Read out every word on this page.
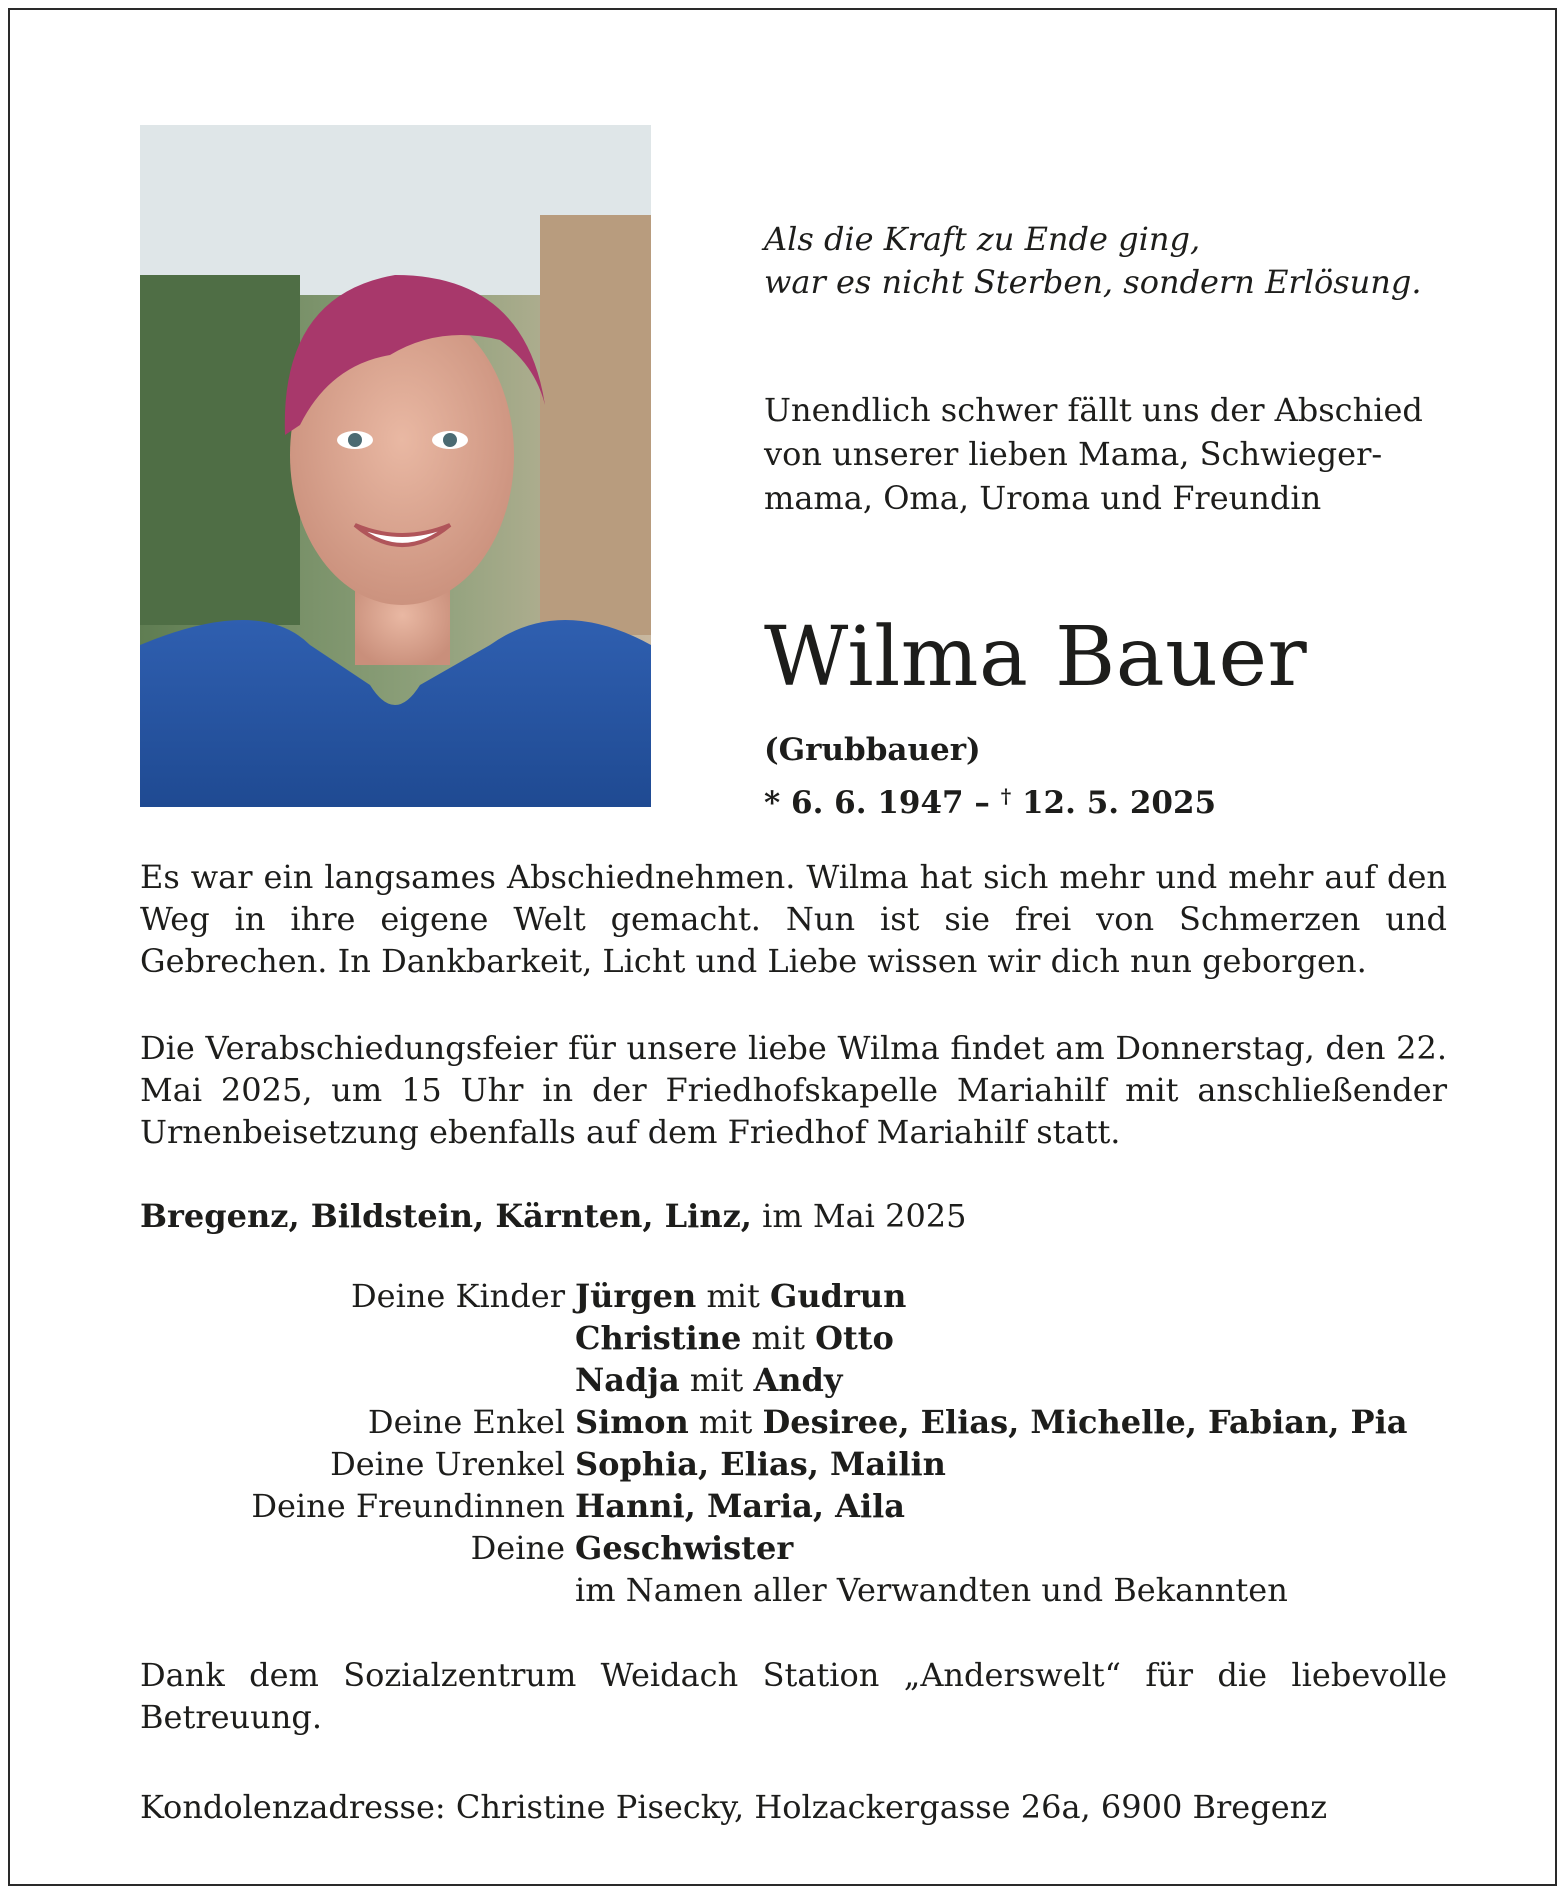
Als die Kraft zu Ende ging,
war es nicht Sterben, sondern Erlösung.
Unendlich schwer fällt uns der Abschied
von unserer lieben Mama, Schwieger-
mama, Oma, Uroma und Freundin
Wilma Bauer
(Grubbauer)
* 6. 6. 1947 – † 12. 5. 2025
Es war ein langsames Abschiednehmen. Wilma hat sich mehr und mehr auf den Weg in ihre eigene Welt gemacht. Nun ist sie frei von Schmerzen und Gebrechen. In Dankbarkeit, Licht und Liebe wissen wir dich nun geborgen.
Die Verabschiedungsfeier für unsere liebe Wilma findet am Donnerstag, den 22. Mai 2025, um 15 Uhr in der Friedhofskapelle Mariahilf mit anschließender Urnenbeisetzung ebenfalls auf dem Friedhof Mariahilf statt.
Bregenz, Bildstein, Kärnten, Linz, im Mai 2025
Deine Kinder Jürgen mit Gudrun
Christine mit Otto
Nadja mit Andy
Deine Enkel Simon mit Desiree, Elias, Michelle, Fabian, Pia
Deine Urenkel Sophia, Elias, Mailin
Deine Freundinnen Hanni, Maria, Aila
Deine Geschwister
im Namen aller Verwandten und Bekannten
Dank dem Sozialzentrum Weidach Station „Anderswelt“ für die liebevolle Betreuung.
Kondolenzadresse: Christine Pisecky, Holzackergasse 26a, 6900 Bregenz
